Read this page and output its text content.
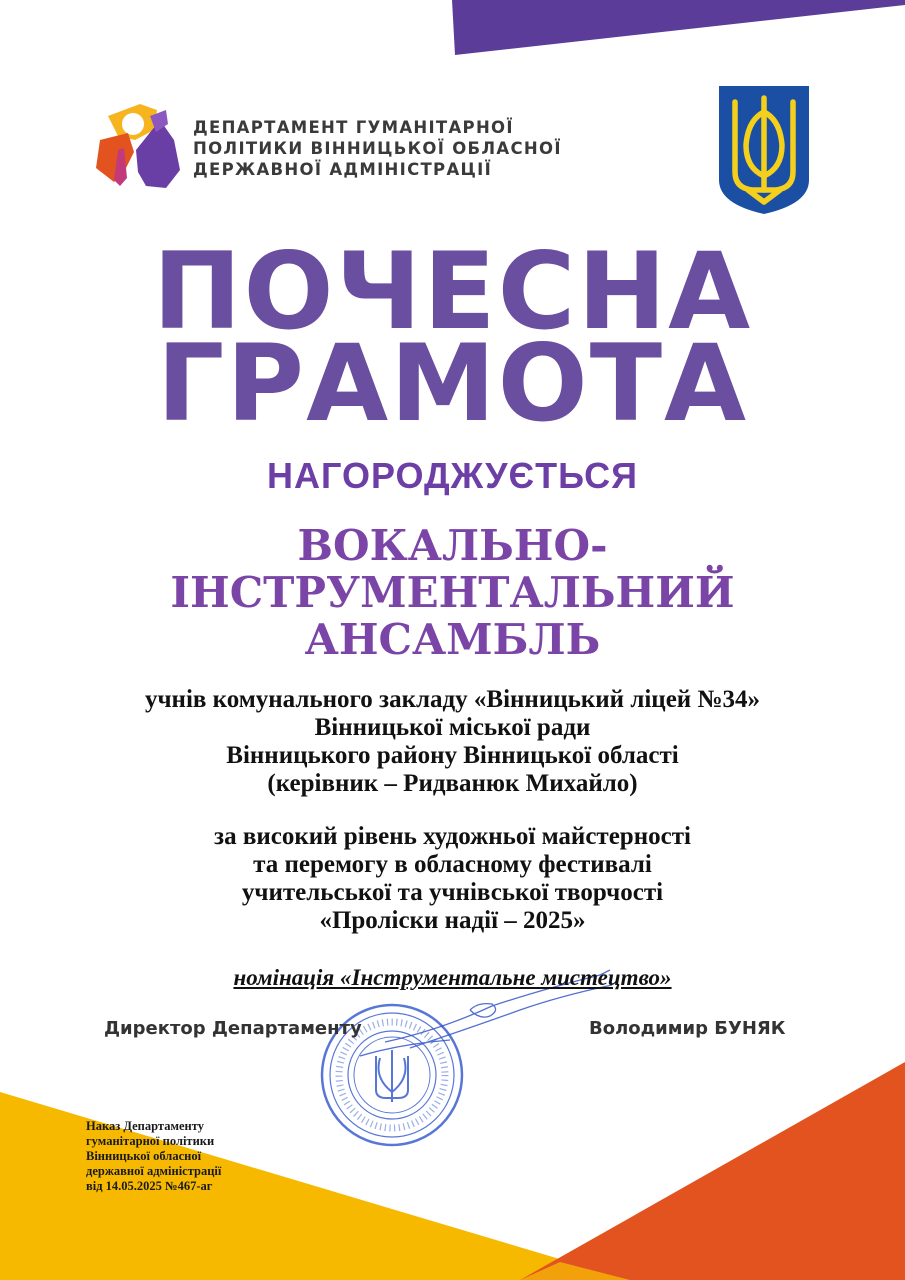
ДЕПАРТАМЕНТ ГУМАНІТАРНОЇ
ПОЛІТИКИ ВІННИЦЬКОЇ ОБЛАСНОЇ
ДЕРЖАВНОЇ АДМІНІСТРАЦІЇ
ПОЧЕСНА
ГРАМОТА
НАГОРОДЖУЄТЬСЯ
ВОКАЛЬНО-
ІНСТРУМЕНТАЛЬНИЙ
АНСАМБЛЬ
учнів комунального закладу «Вінницький ліцей №34»
Вінницької міської ради
Вінницького району Вінницької області
(керівник – Ридванюк Михайло)
за високий рівень художньої майстерності
та перемогу в обласному фестивалі
учительської та учнівської творчості
«Проліски надії – 2025»
номінація «Інструментальне мистецтво»
Директор Департаменту	Володимир БУНЯК
Наказ Департаменту
гуманітарної політики
Вінницької обласної
державної адміністрації
від 14.05.2025 №467-аг
